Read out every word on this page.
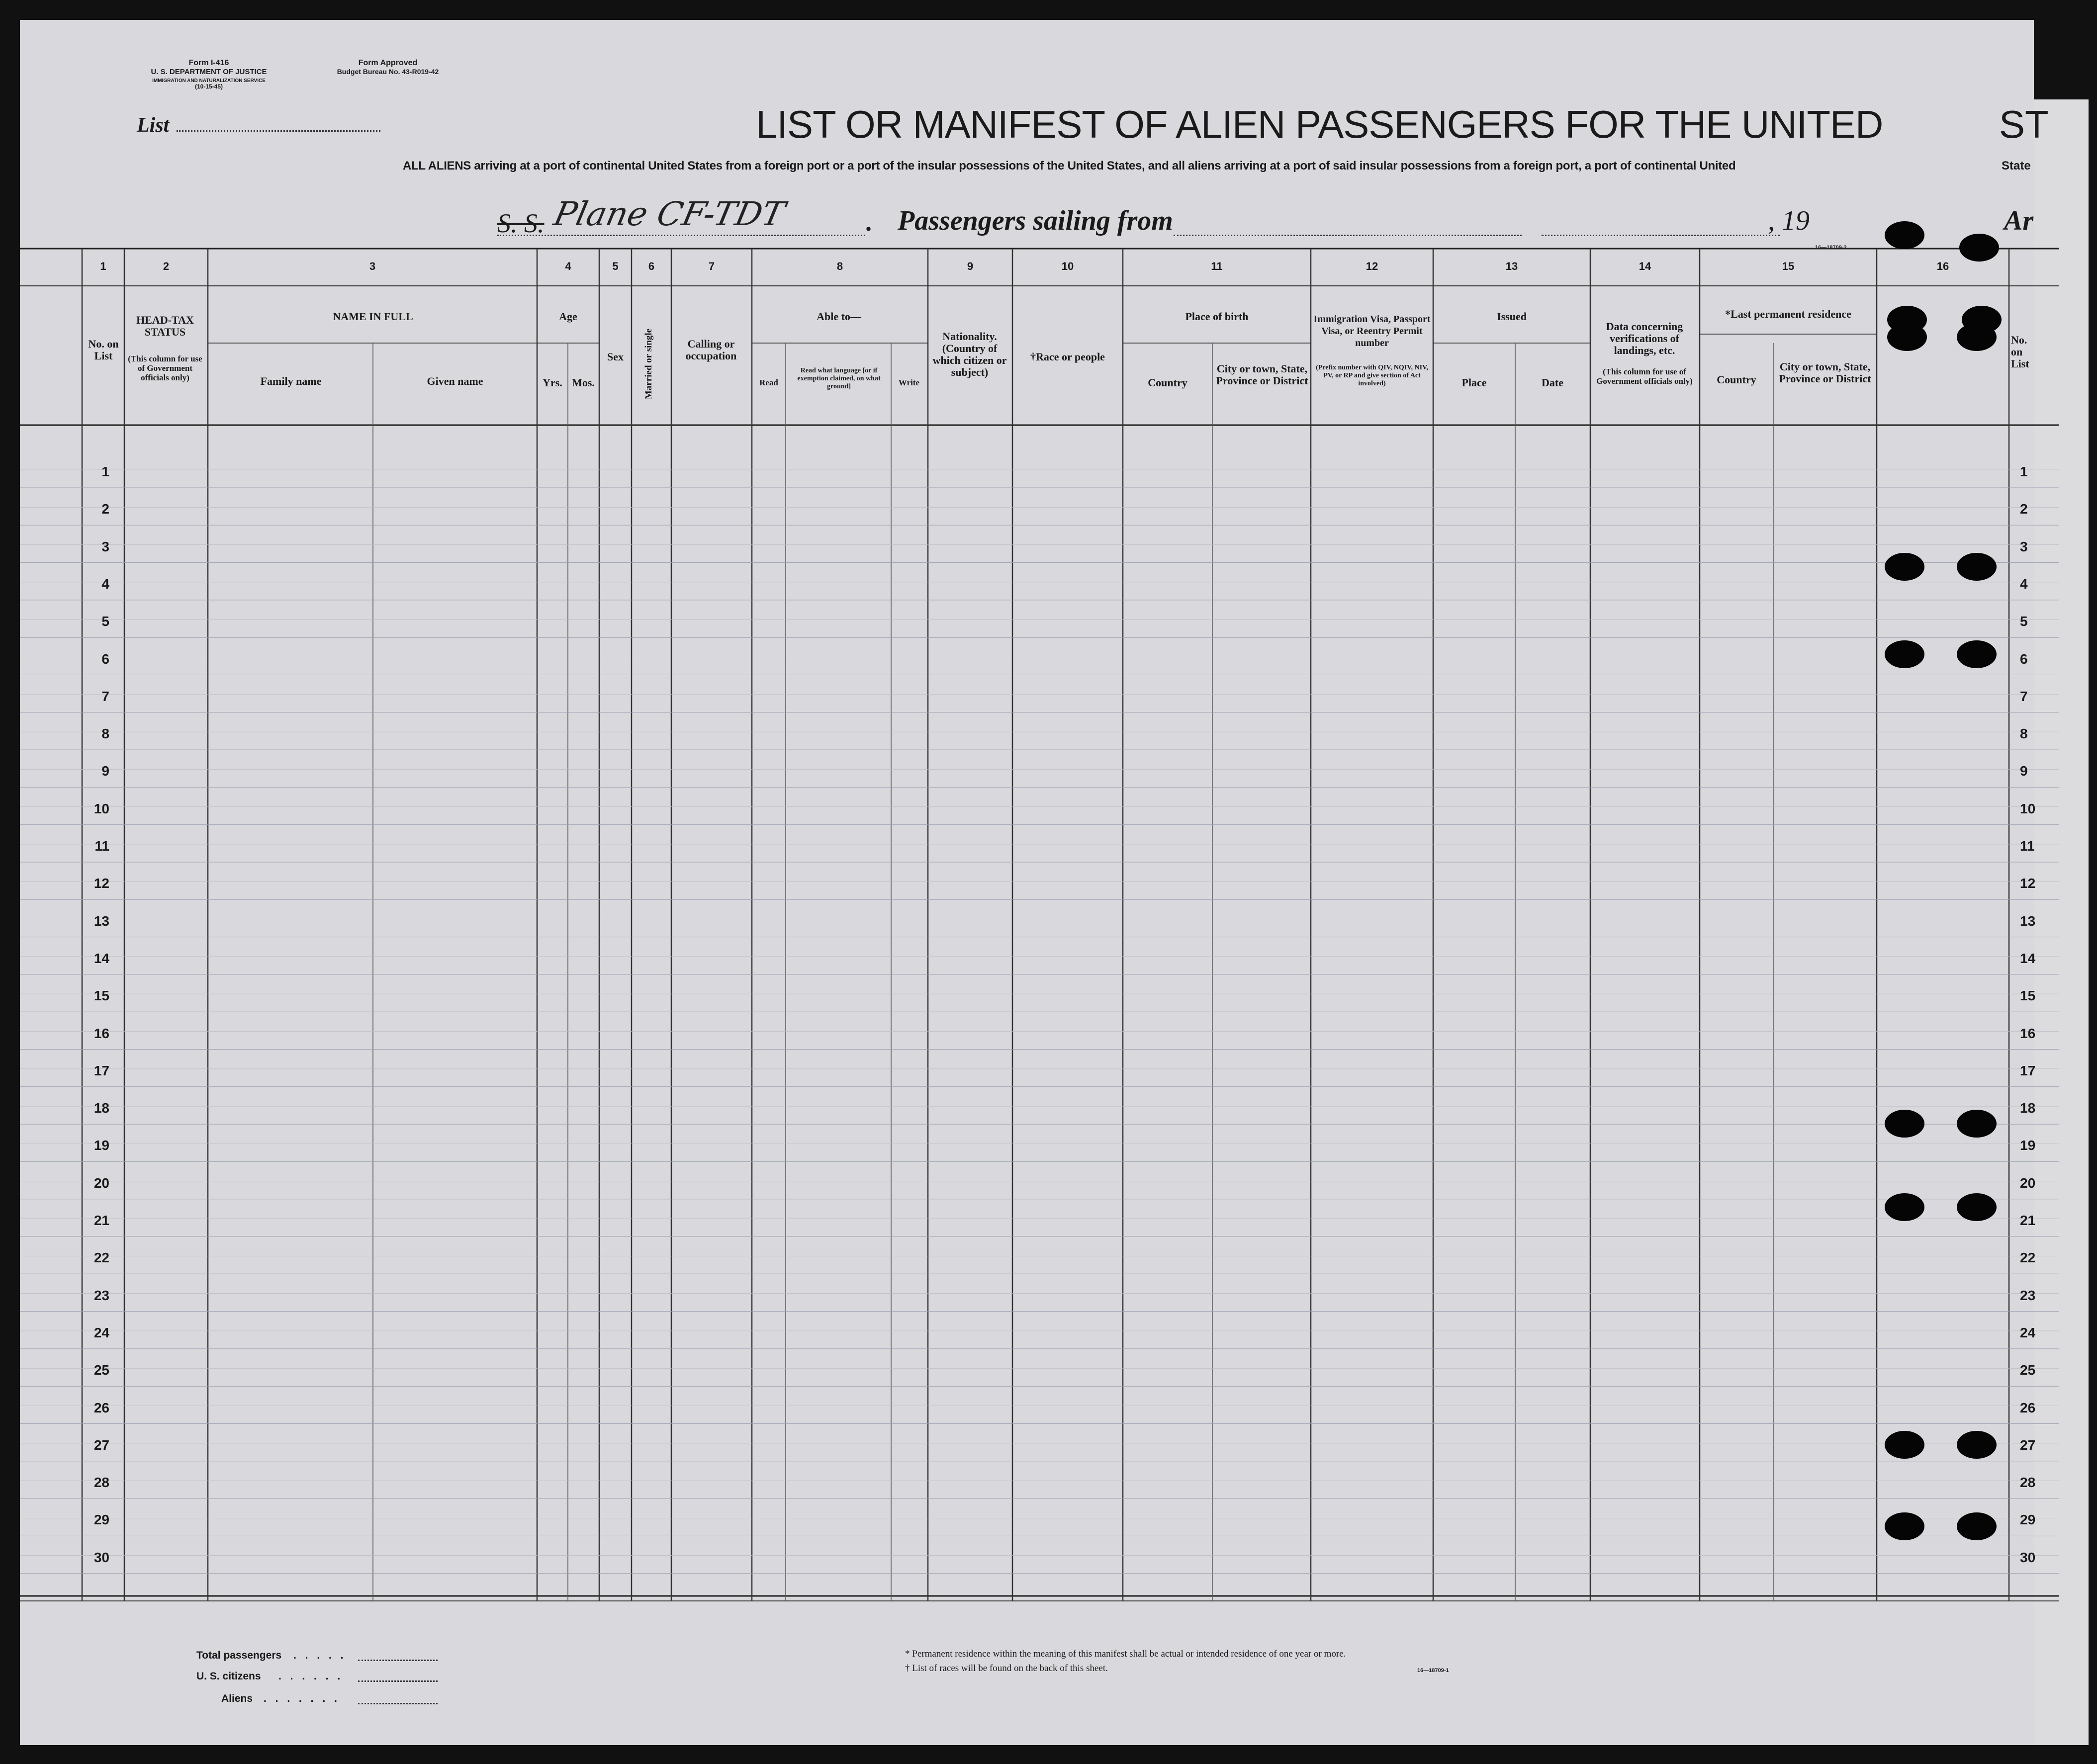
Form I-416
U. S. DEPARTMENT OF JUSTICE
IMMIGRATION AND NATURALIZATION SERVICE
(10-15-45)
Form Approved
Budget Bureau No. 43-R019-42
List	LIST OR MANIFEST OF ALIEN PASSENGERS FOR THE UNITED	ST
ALL ALIENS arriving at a port of continental United States from a foreign port or a port of the insular possessions of the United States, and all aliens arriving at a port of said insular possessions from a foreign port, a port of continental United	State
S. S. Plane CF-TDT	. Passengers sailing from	, 19	Ar
16—18709-2
1	2	3	4	5	6	7	8	9	10	11	12	13	14	15	16
No. on List
HEAD-TAX STATUS
(This column for use of Government officials only)
NAME IN FULL
Family name	Given name
Age
Yrs. Mos.
Sex	Married or single	Calling or occupation
Able to—
Read
Read what language [or if exemption claimed, on what ground]	Write
Nationality. (Country of which citizen or subject)
†Race or people
Place of birth
Country
City or town, State, Province or District
Immigration Visa, Passport Visa, or Reentry Permit number
(Prefix number with QIV, NQIV, NIV, PV, or RP and give section of Act involved)
Issued
Place	Date
Data concerning verifications of landings, etc.
(This column for use of Government officials only)
*Last permanent residence
Country
City or town, State, Province or District
No. on List
1	1
2	2
3	3
4	4
5	5
6	6
7	7
8	8
9	9
10	10
11	11
12	12
13	13
14	14
15	15
16	16
17	17
18	18
19	19
20	20
21	21
22	22
23	23
24	24
25	25
26	26
27	27
28	28
29	29
30	30
Total passengers . . . . .
U. S. citizens . . . . . .
Aliens . . . . . . .
* Permanent residence within the meaning of this manifest shall be actual or intended residence of one year or more.
† List of races will be found on the back of this sheet.	16—18709-1
